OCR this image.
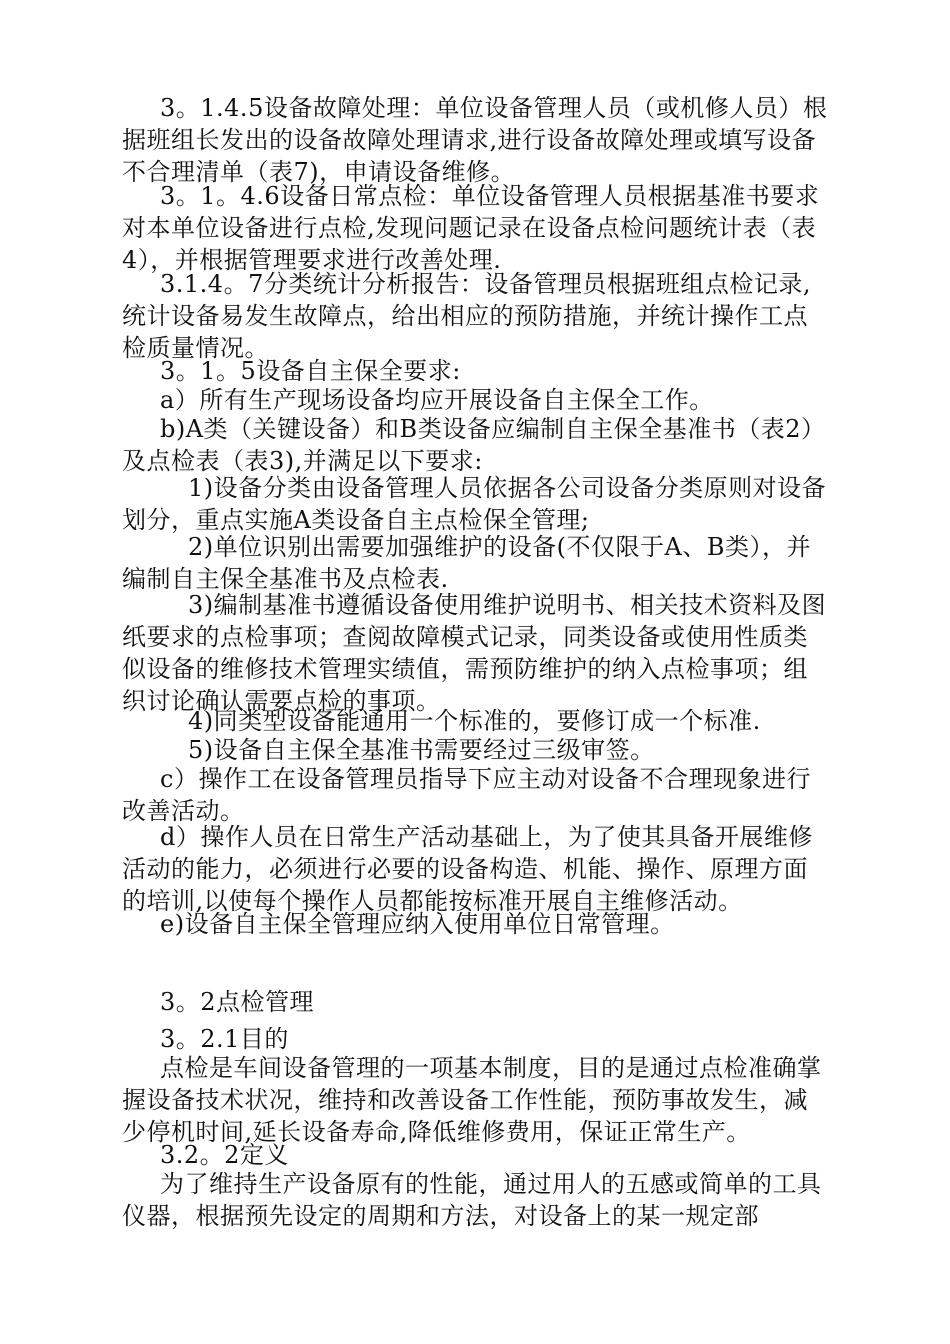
3。1.4.5设备故障处理：单位设备管理人员（或机修人员）根据班组长发出的设备故障处理请求,进行设备故障处理或填写设备不合理清单（表7)，申请设备维修。

3。1。4.6设备日常点检：单位设备管理人员根据基准书要求对本单位设备进行点检,发现问题记录在设备点检问题统计表（表4），并根据管理要求进行改善处理.

3.1.4。7分类统计分析报告：设备管理员根据班组点检记录,统计设备易发生故障点，给出相应的预防措施，并统计操作工点检质量情况。

3。1。5设备自主保全要求:

a）所有生产现场设备均应开展设备自主保全工作。

b)A类（关键设备）和B类设备应编制自主保全基准书（表2）及点检表（表3),并满足以下要求:

1)设备分类由设备管理人员依据各公司设备分类原则对设备划分，重点实施A类设备自主点检保全管理;

2)单位识别出需要加强维护的设备(不仅限于A、B类），并编制自主保全基准书及点检表.

3)编制基准书遵循设备使用维护说明书、相关技术资料及图纸要求的点检事项；查阅故障模式记录，同类设备或使用性质类似设备的维修技术管理实绩值，需预防维护的纳入点检事项；组织讨论确认需要点检的事项。

4)同类型设备能通用一个标准的，要修订成一个标准.

5)设备自主保全基准书需要经过三级审签。

c）操作工在设备管理员指导下应主动对设备不合理现象进行改善活动。

d）操作人员在日常生产活动基础上，为了使其具备开展维修活动的能力，必须进行必要的设备构造、机能、操作、原理方面的培训,以使每个操作人员都能按标准开展自主维修活动。

e)设备自主保全管理应纳入使用单位日常管理。

3。2点检管理

3。2.1目的

点检是车间设备管理的一项基本制度，目的是通过点检准确掌握设备技术状况，维持和改善设备工作性能，预防事故发生，减少停机时间,延长设备寿命,降低维修费用，保证正常生产。

3.2。2定义

为了维持生产设备原有的性能，通过用人的五感或简单的工具仪器，根据预先设定的周期和方法，对设备上的某一规定部
